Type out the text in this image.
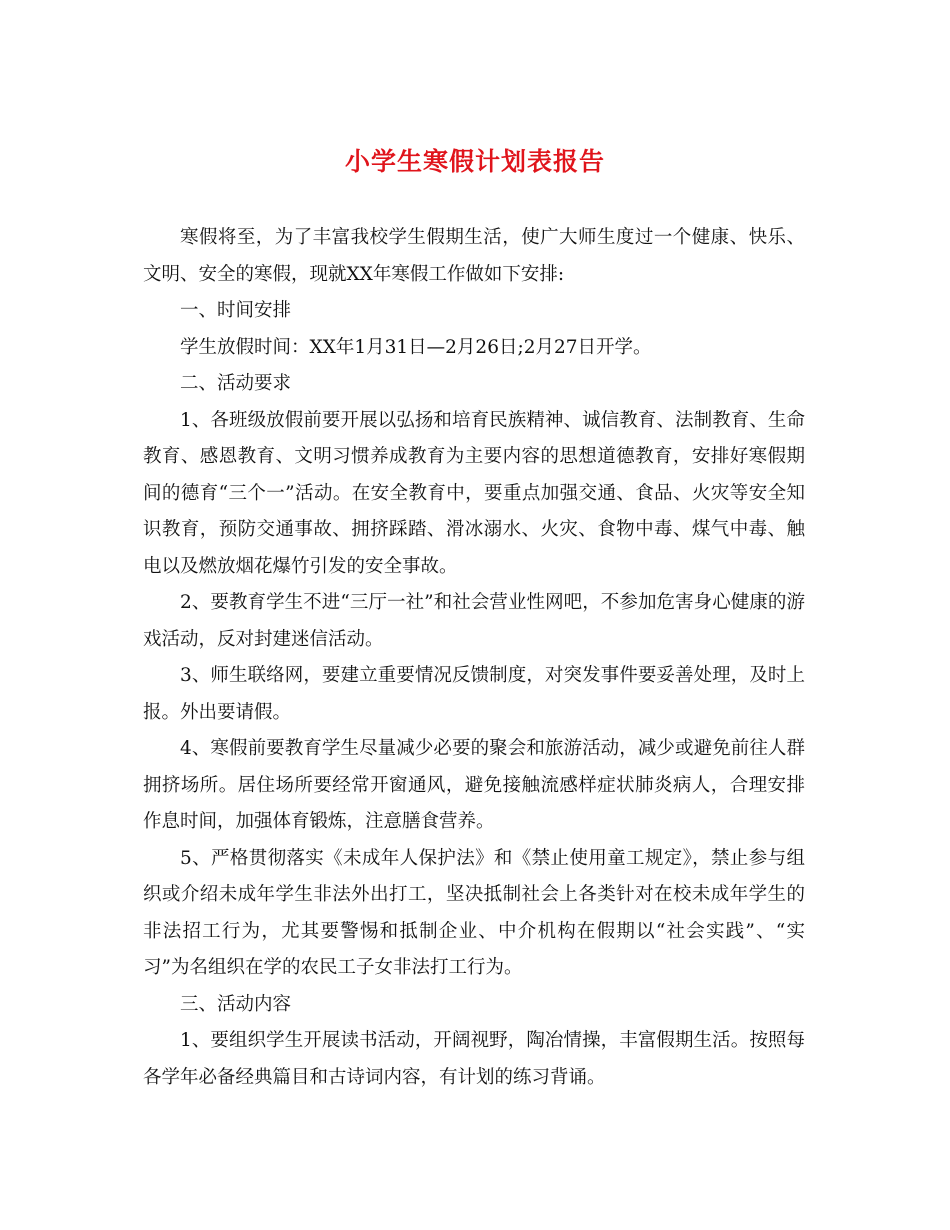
小学生寒假计划表报告

寒假将至，为了丰富我校学生假期生活，使广大师生度过一个健康、快乐、文明、安全的寒假，现就XX年寒假工作做如下安排:

一、时间安排

学生放假时间：XX年1月31日—2月26日;2月27日开学。

二、活动要求

1、各班级放假前要开展以弘扬和培育民族精神、诚信教育、法制教育、生命教育、感恩教育、文明习惯养成教育为主要内容的思想道德教育，安排好寒假期间的德育“三个一”活动。在安全教育中，要重点加强交通、食品、火灾等安全知识教育，预防交通事故、拥挤踩踏、滑冰溺水、火灾、食物中毒、煤气中毒、触电以及燃放烟花爆竹引发的安全事故。

2、要教育学生不进“三厅一社”和社会营业性网吧，不参加危害身心健康的游戏活动，反对封建迷信活动。

3、师生联络网，要建立重要情况反馈制度，对突发事件要妥善处理，及时上报。外出要请假。

4、寒假前要教育学生尽量减少必要的聚会和旅游活动，减少或避免前往人群拥挤场所。居住场所要经常开窗通风，避免接触流感样症状肺炎病人，合理安排作息时间，加强体育锻炼，注意膳食营养。

5、严格贯彻落实《未成年人保护法》和《禁止使用童工规定》，禁止参与组织或介绍未成年学生非法外出打工，坚决抵制社会上各类针对在校未成年学生的非法招工行为，尤其要警惕和抵制企业、中介机构在假期以“社会实践”、“实习”为名组织在学的农民工子女非法打工行为。

三、活动内容

1、要组织学生开展读书活动，开阔视野，陶冶情操，丰富假期生活。按照每各学年必备经典篇目和古诗词内容，有计划的练习背诵。
